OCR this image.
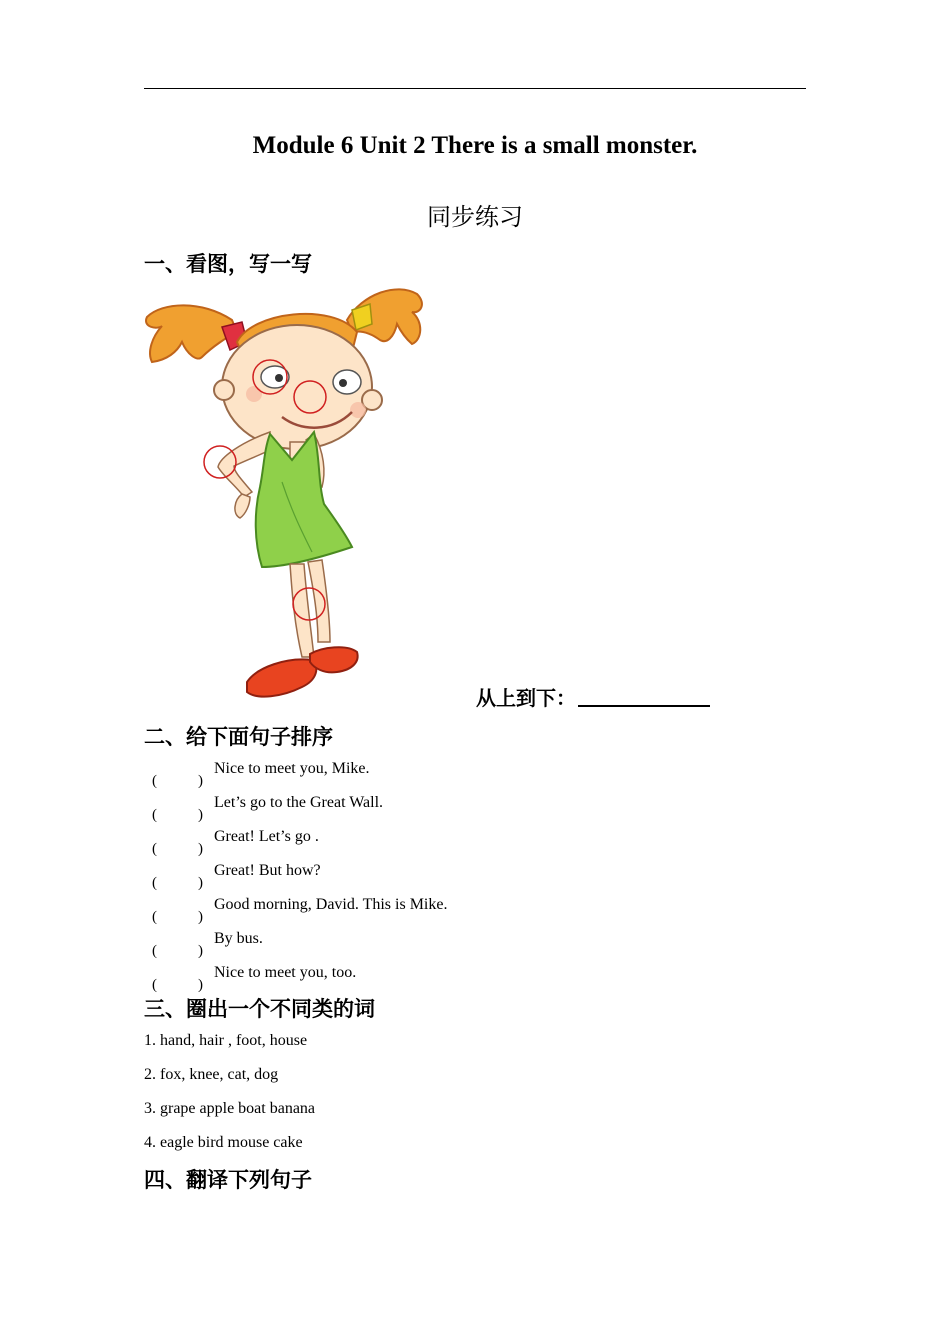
Module 6 Unit 2 There is a small monster.
同步练习
一、看图，写一写
从上到下：
二、给下面句子排序
(	)
Nice to meet you, Mike.
(	)
Let’s go to the Great Wall.
(	)
Great! Let’s go .
(	)
Great! But how?
(	)
Good morning, David. This is Mike.
(	)
By bus.
(	)
Nice to meet you, too.
三、圈出一个不同类的词
1. hand, hair , foot, house
2. fox, knee, cat, dog
3. grape apple boat banana
4. eagle bird mouse cake
四、翻译下列句子
